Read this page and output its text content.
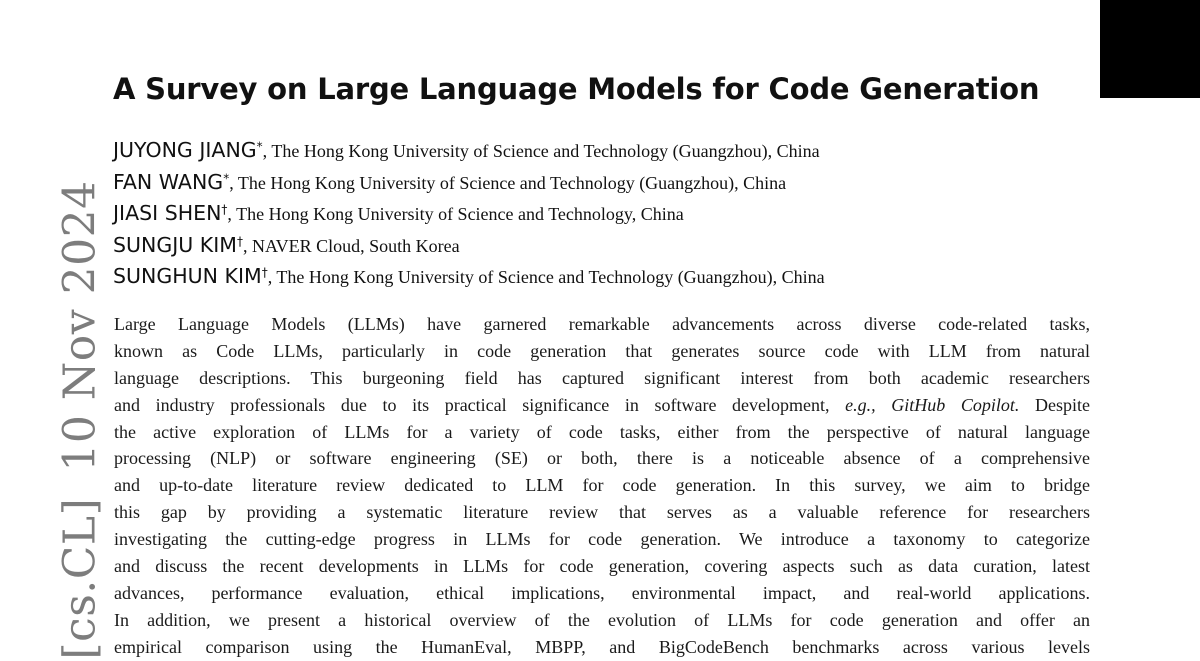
[cs.CL]10 Nov 2024
A Survey on Large Language Models for Code Generation
JUYONG JIANG*, The Hong Kong University of Science and Technology (Guangzhou), China
FAN WANG*, The Hong Kong University of Science and Technology (Guangzhou), China
JIASI SHEN†, The Hong Kong University of Science and Technology, China
SUNGJU KIM†, NAVER Cloud, South Korea
SUNGHUN KIM†, The Hong Kong University of Science and Technology (Guangzhou), China
Large Language Models (LLMs) have garnered remarkable advancements across diverse code-related tasks,
known as Code LLMs, particularly in code generation that generates source code with LLM from natural
language descriptions. This burgeoning field has captured significant interest from both academic researchers
and industry professionals due to its practical significance in software development, e.g., GitHub Copilot. Despite
the active exploration of LLMs for a variety of code tasks, either from the perspective of natural language
processing (NLP) or software engineering (SE) or both, there is a noticeable absence of a comprehensive
and up-to-date literature review dedicated to LLM for code generation. In this survey, we aim to bridge
this gap by providing a systematic literature review that serves as a valuable reference for researchers
investigating the cutting-edge progress in LLMs for code generation. We introduce a taxonomy to categorize
and discuss the recent developments in LLMs for code generation, covering aspects such as data curation, latest
advances, performance evaluation, ethical implications, environmental impact, and real-world applications.
In addition, we present a historical overview of the evolution of LLMs for code generation and offer an
empirical comparison using the HumanEval, MBPP, and BigCodeBench benchmarks across various levels
